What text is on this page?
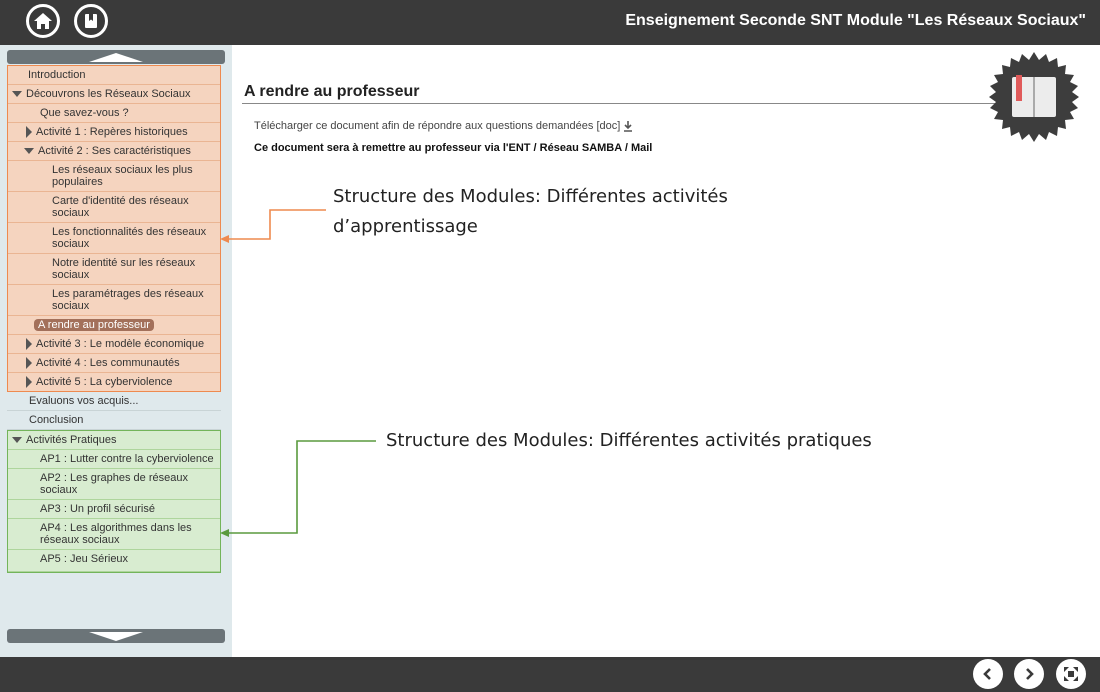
Enseignement Seconde SNT Module "Les Réseaux Sociaux"
Introduction
Découvrons les Réseaux Sociaux
Que savez-vous ?
Activité 1 : Repères historiques
Activité 2 : Ses caractéristiques
Les réseaux sociaux les plus populaires
Carte d'identité des réseaux sociaux
Les fonctionnalités des réseaux sociaux
Notre identité sur les réseaux sociaux
Les paramétrages des réseaux sociaux
A rendre au professeur
Activité 3 : Le modèle économique
Activité 4 : Les communautés
Activité 5 : La cyberviolence
Evaluons vos acquis...
Conclusion
Activités Pratiques
AP1 : Lutter contre la cyberviolence
AP2 : Les graphes de réseaux sociaux
AP3 : Un profil sécurisé
AP4 : Les algorithmes dans les réseaux sociaux
AP5 : Jeu Sérieux
A rendre au professeur
Télécharger ce document afin de répondre aux questions demandées [doc]
Ce document sera à remettre au professeur via l'ENT / Réseau SAMBA / Mail
Structure des Modules: Différentes activités
d’apprentissage
Structure des Modules: Différentes activités pratiques
